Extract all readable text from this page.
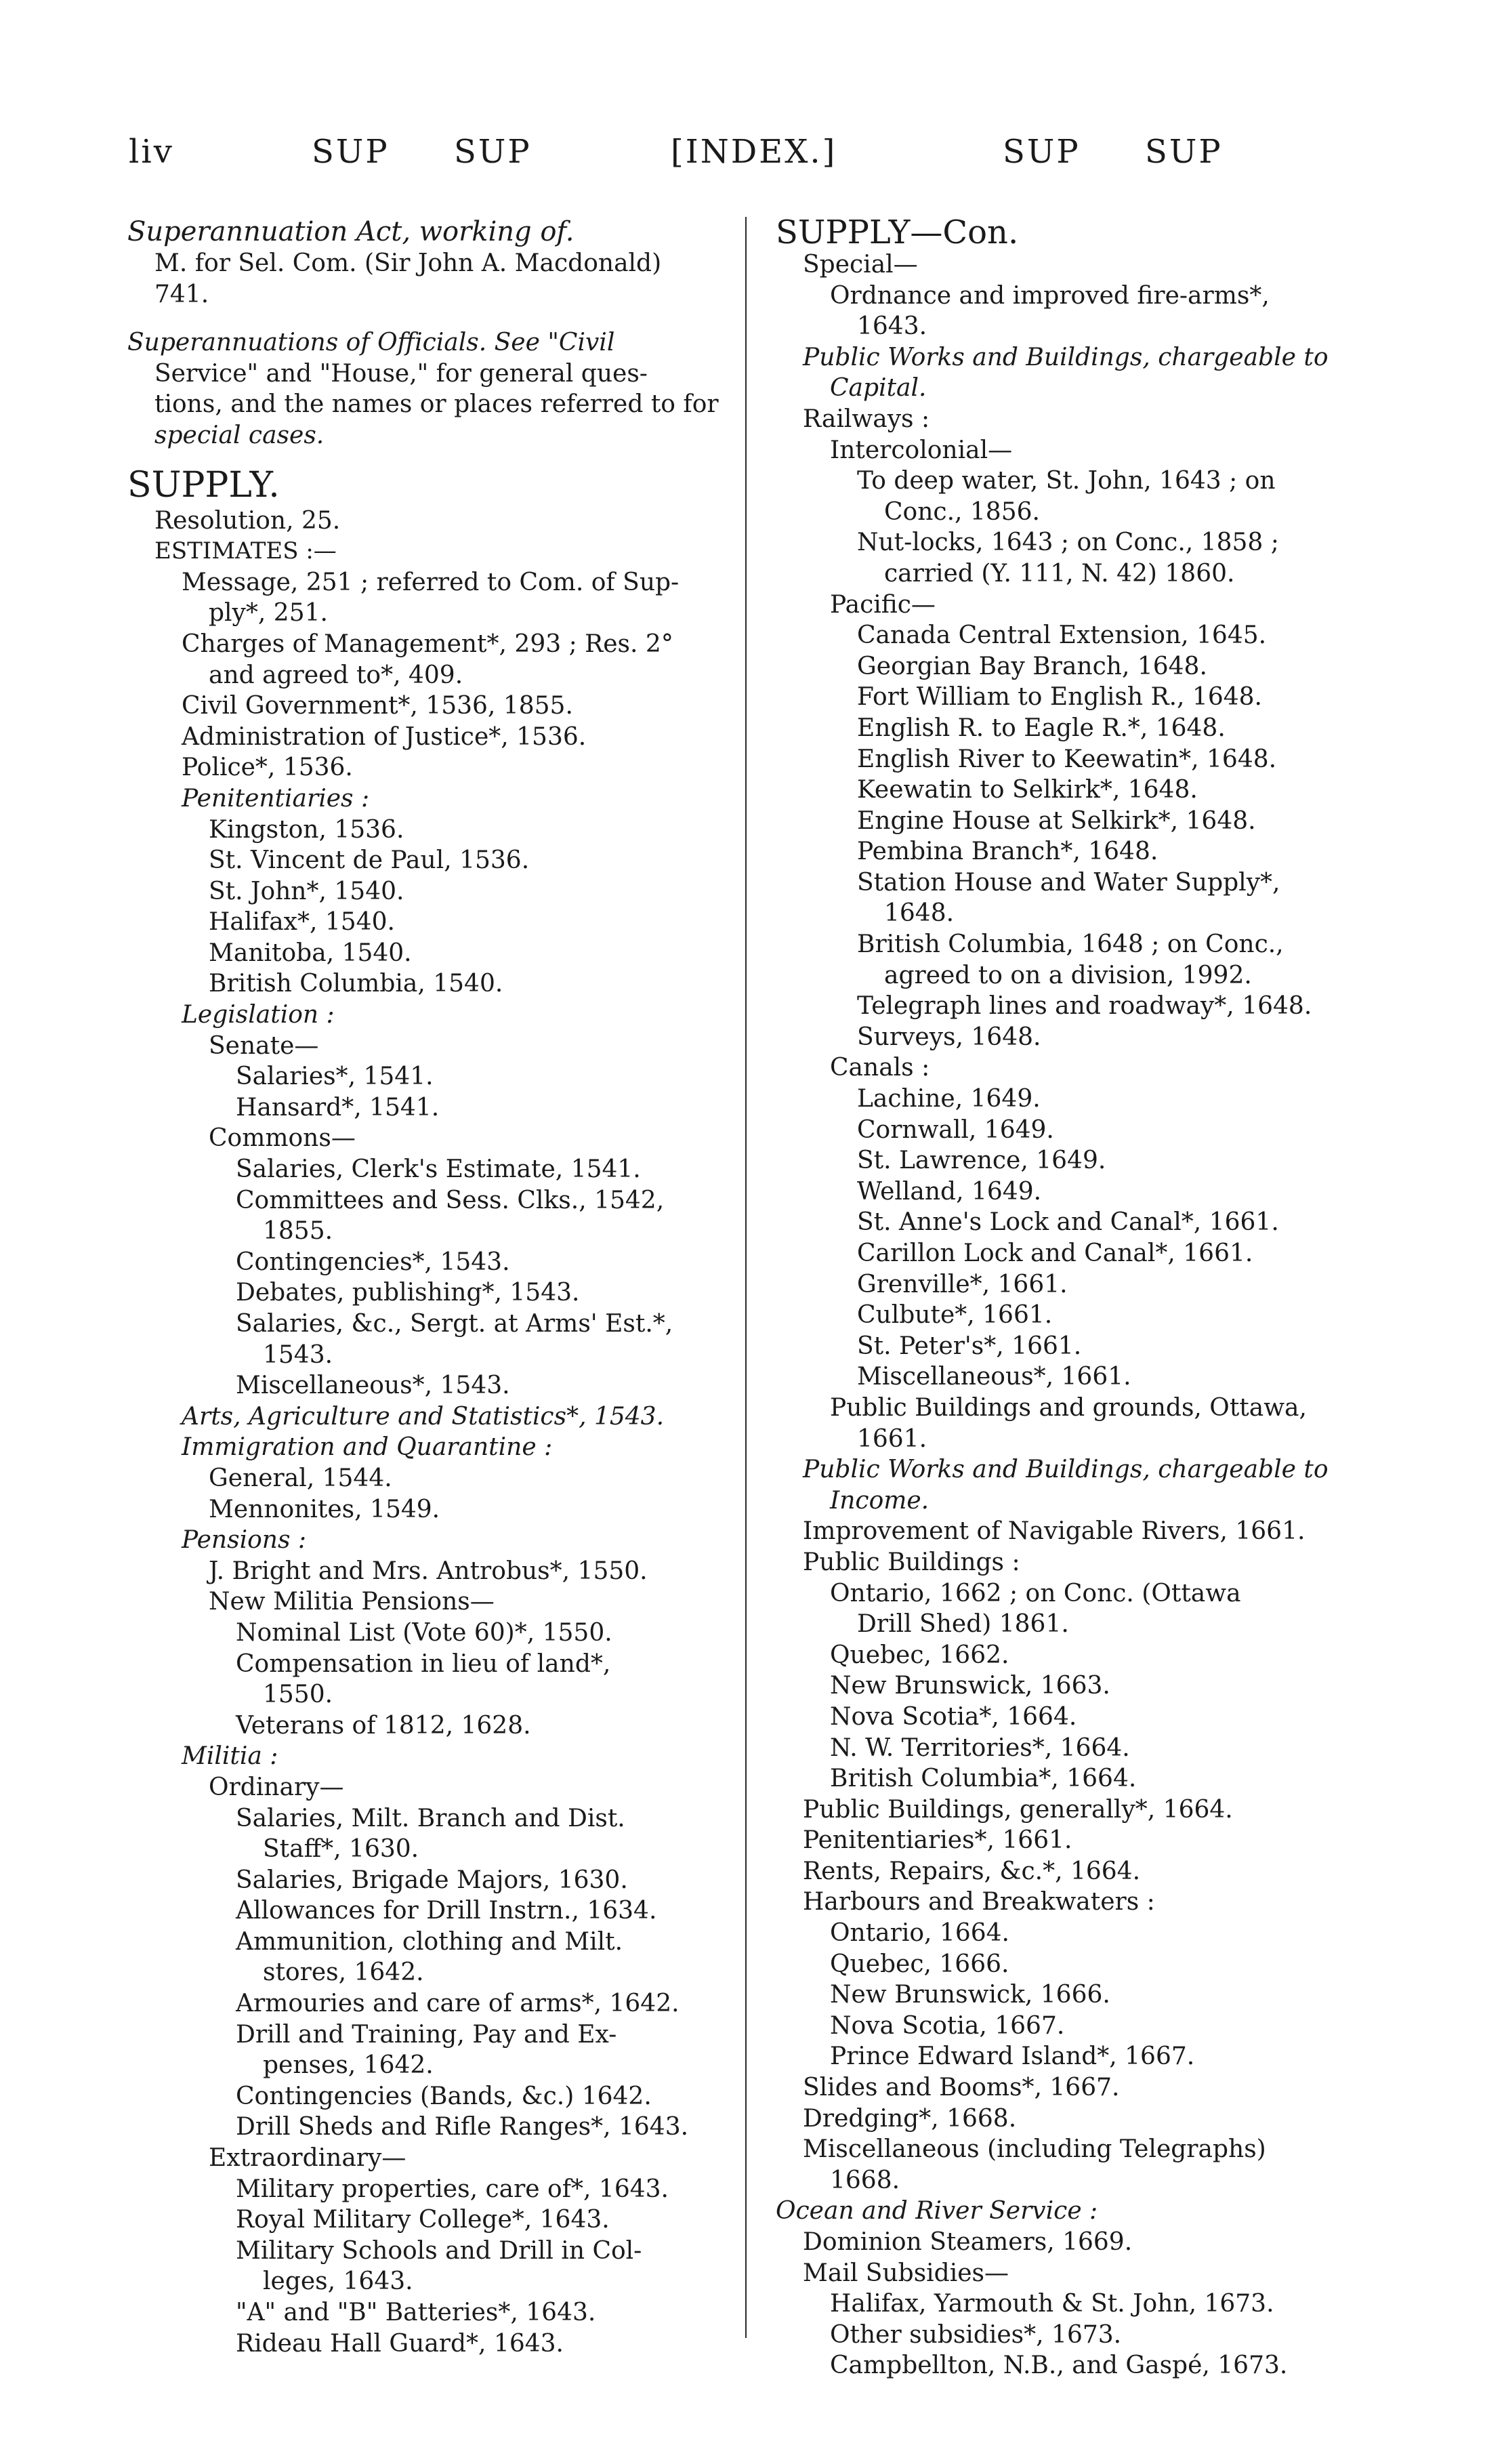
liv	SUP SUP	[INDEX.]	SUP SUP
Superannuation Act, working of.
M. for Sel. Com. (Sir John A. Macdonald)
741.
Superannuations of Officials. See "Civil
Service" and "House," for general ques-
tions, and the names or places referred to for
special cases.
SUPPLY.
Resolution, 25.
ESTIMATES :—
Message, 251 ; referred to Com. of Sup-
ply*, 251.
Charges of Management*, 293 ; Res. 2°
and agreed to*, 409.
Civil Government*, 1536, 1855.
Administration of Justice*, 1536.
Police*, 1536.
Penitentiaries :
Kingston, 1536.
St. Vincent de Paul, 1536.
St. John*, 1540.
Halifax*, 1540.
Manitoba, 1540.
British Columbia, 1540.
Legislation :
Senate—
Salaries*, 1541.
Hansard*, 1541.
Commons—
Salaries, Clerk's Estimate, 1541.
Committees and Sess. Clks., 1542,
1855.
Contingencies*, 1543.
Debates, publishing*, 1543.
Salaries, &c., Sergt. at Arms' Est.*,
1543.
Miscellaneous*, 1543.
Arts, Agriculture and Statistics*, 1543.
Immigration and Quarantine :
General, 1544.
Mennonites, 1549.
Pensions :
J. Bright and Mrs. Antrobus*, 1550.
New Militia Pensions—
Nominal List (Vote 60)*, 1550.
Compensation in lieu of land*,
1550.
Veterans of 1812, 1628.
Militia :
Ordinary—
Salaries, Milt. Branch and Dist.
Staff*, 1630.
Salaries, Brigade Majors, 1630.
Allowances for Drill Instrn., 1634.
Ammunition, clothing and Milt.
stores, 1642.
Armouries and care of arms*, 1642.
Drill and Training, Pay and Ex-
penses, 1642.
Contingencies (Bands, &c.) 1642.
Drill Sheds and Rifle Ranges*, 1643.
Extraordinary—
Military properties, care of*, 1643.
Royal Military College*, 1643.
Military Schools and Drill in Col-
leges, 1643.
"A" and "B" Batteries*, 1643.
Rideau Hall Guard*, 1643.
SUPPLY—Con.
Special—
Ordnance and improved fire-arms*,
1643.
Public Works and Buildings, chargeable to
Capital.
Railways :
Intercolonial—
To deep water, St. John, 1643 ; on
Conc., 1856.
Nut-locks, 1643 ; on Conc., 1858 ;
carried (Y. 111, N. 42) 1860.
Pacific—
Canada Central Extension, 1645.
Georgian Bay Branch, 1648.
Fort William to English R., 1648.
English R. to Eagle R.*, 1648.
English River to Keewatin*, 1648.
Keewatin to Selkirk*, 1648.
Engine House at Selkirk*, 1648.
Pembina Branch*, 1648.
Station House and Water Supply*,
1648.
British Columbia, 1648 ; on Conc.,
agreed to on a division, 1992.
Telegraph lines and roadway*, 1648.
Surveys, 1648.
Canals :
Lachine, 1649.
Cornwall, 1649.
St. Lawrence, 1649.
Welland, 1649.
St. Anne's Lock and Canal*, 1661.
Carillon Lock and Canal*, 1661.
Grenville*, 1661.
Culbute*, 1661.
St. Peter's*, 1661.
Miscellaneous*, 1661.
Public Buildings and grounds, Ottawa,
1661.
Public Works and Buildings, chargeable to
Income.
Improvement of Navigable Rivers, 1661.
Public Buildings :
Ontario, 1662 ; on Conc. (Ottawa
Drill Shed) 1861.
Quebec, 1662.
New Brunswick, 1663.
Nova Scotia*, 1664.
N. W. Territories*, 1664.
British Columbia*, 1664.
Public Buildings, generally*, 1664.
Penitentiaries*, 1661.
Rents, Repairs, &c.*, 1664.
Harbours and Breakwaters :
Ontario, 1664.
Quebec, 1666.
New Brunswick, 1666.
Nova Scotia, 1667.
Prince Edward Island*, 1667.
Slides and Booms*, 1667.
Dredging*, 1668.
Miscellaneous (including Telegraphs)
1668.
Ocean and River Service :
Dominion Steamers, 1669.
Mail Subsidies—
Halifax, Yarmouth & St. John, 1673.
Other subsidies*, 1673.
Campbellton, N.B., and Gaspé, 1673.
